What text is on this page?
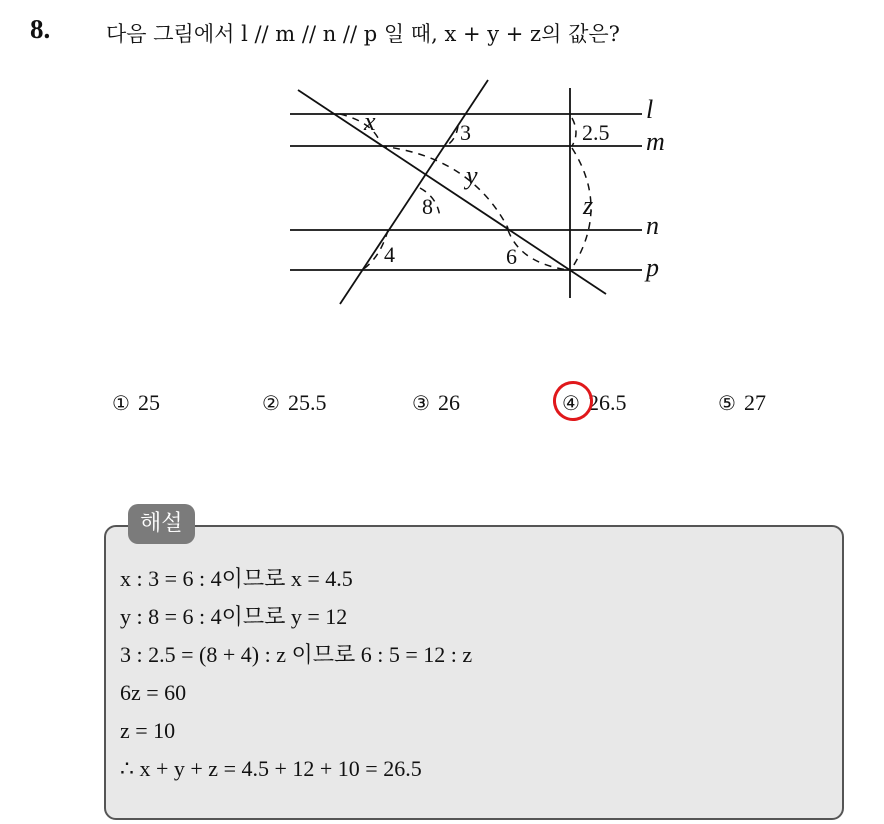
8.	다음 그림에서 l // m // n // p 일 때, x + y + z의 값은?
l
m
n
p
x	3	2.5
y
8	z
4	6
① 25	② 25.5	③ 26	④ 26.5	⑤ 27
해설
x : 3 = 6 : 4이므로 x = 4.5
y : 8 = 6 : 4이므로 y = 12
3 : 2.5 = (8 + 4) : z 이므로 6 : 5 = 12 : z
6z = 60
z = 10
∴ x + y + z = 4.5 + 12 + 10 = 26.5
